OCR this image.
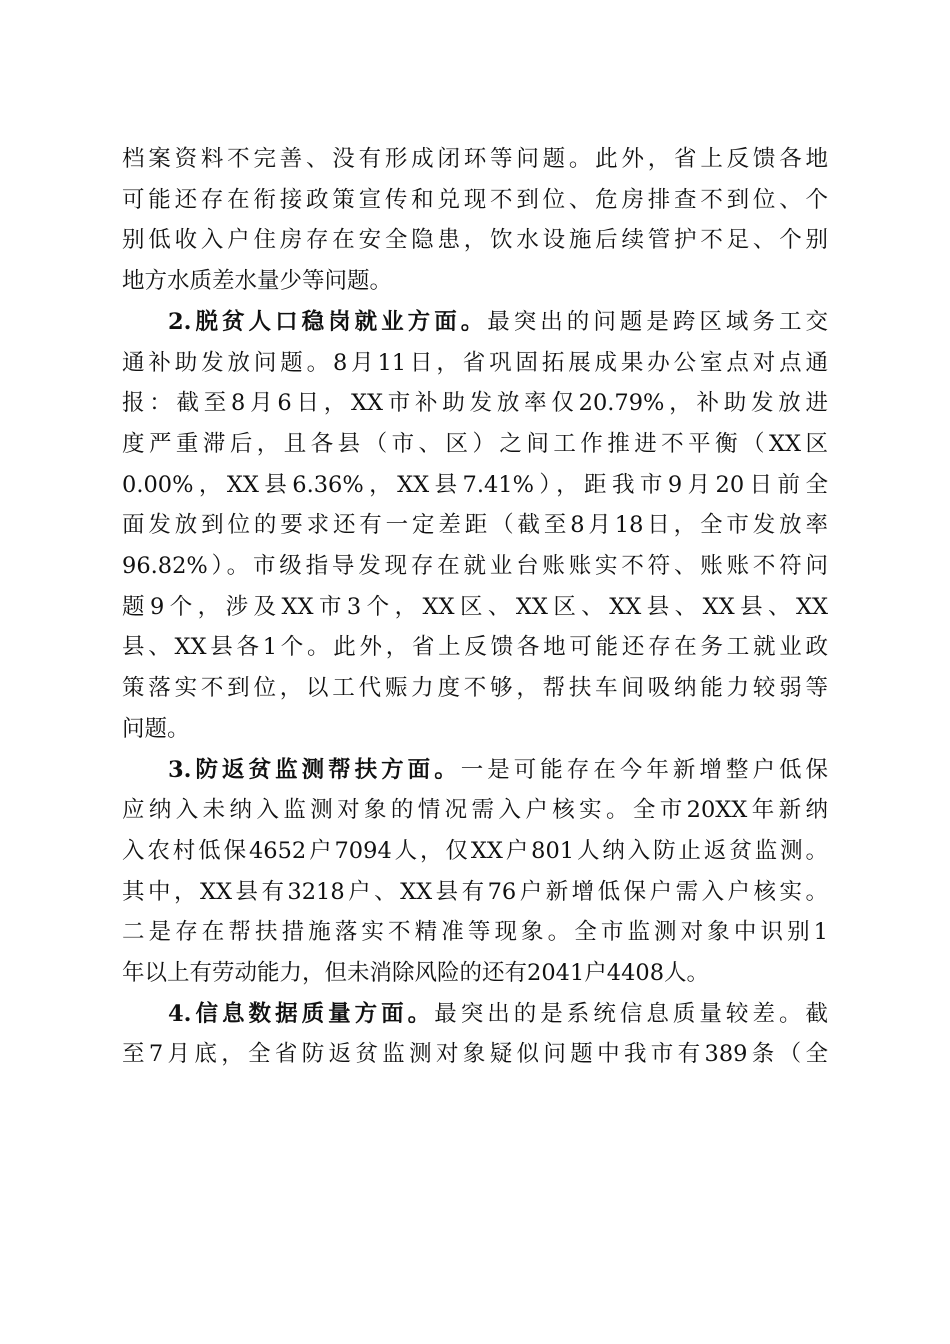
档案资料不完善、没有形成闭环等问题。此外，省上反馈各地
可能还存在衔接政策宣传和兑现不到位、危房排查不到位、个
别低收入户住房存在安全隐患，饮水设施后续管护不足、个别
地方水质差水量少等问题。

2.脱贫人口稳岗就业方面。最突出的问题是跨区域务工交
通补助发放问题。8月11日，省巩固拓展成果办公室点对点通
报：截至8月6日，XX市补助发放率仅20.79%，补助发放进
度严重滞后，且各县（市、区）之间工作推进不平衡（XX区
0.00%，XX县6.36%，XX县7.41%），距我市9月20日前全
面发放到位的要求还有一定差距（截至8月18日，全市发放率
96.82%）。市级指导发现存在就业台账账实不符、账账不符问
题9个，涉及XX市3个，XX区、XX区、XX县、XX县、XX
县、XX县各1个。此外，省上反馈各地可能还存在务工就业政
策落实不到位，以工代赈力度不够，帮扶车间吸纳能力较弱等
问题。

3.防返贫监测帮扶方面。一是可能存在今年新增整户低保
应纳入未纳入监测对象的情况需入户核实。全市20XX年新纳
入农村低保4652户7094人，仅XX户801人纳入防止返贫监测。
其中，XX县有3218户、XX县有76户新增低保户需入户核实。
二是存在帮扶措施落实不精准等现象。全市监测对象中识别1
年以上有劳动能力，但未消除风险的还有2041户4408人。

4.信息数据质量方面。最突出的是系统信息质量较差。截
至7月底，全省防返贫监测对象疑似问题中我市有389条（全
